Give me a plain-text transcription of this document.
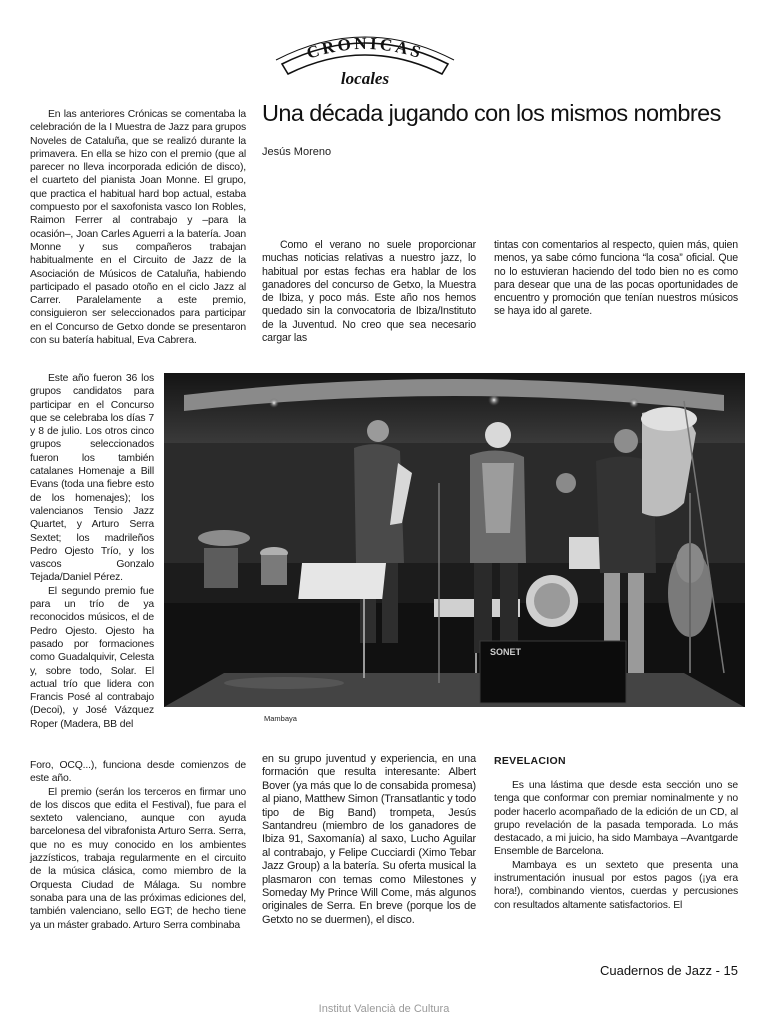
CRONICAS
locales
Una década jugando con los mismos nombres
Jesús Moreno

En las anteriores Crónicas se comentaba la celebración de la I Muestra de Jazz para grupos Noveles de Cataluña, que se realizó durante la primavera. En ella se hizo con el premio (que al parecer no lleva incorporada edición de disco), el cuarteto del pianista Joan Monne. El grupo, que practica el habitual hard bop actual, estaba compuesto por el saxofonista vasco Ion Robles, Raimon Ferrer al contrabajo y –para la ocasión–, Joan Carles Aguerri a la batería. Joan Monne y sus compañeros trabajan habitualmente en el Circuito de Jazz de la Asociación de Músicos de Cataluña, habiendo participado el pasado otoño en el ciclo Jazz al Carrer. Paralelamente a este premio, consiguieron ser seleccionados para participar en el Concurso de Getxo donde se presentaron con su batería habitual, Eva Cabrera.

Este año fueron 36 los grupos candidatos para participar en el Concurso que se celebraba los días 7 y 8 de julio. Los otros cinco grupos seleccionados fueron los también catalanes Homenaje a Bill Evans (toda una fiebre esto de los homenajes); los valencianos Tensio Jazz Quartet, y Arturo Serra Sextet; los madrileños Pedro Ojesto Trío, y los vascos Gonzalo Tejada/Daniel Pérez.

El segundo premio fue para un trío de ya reconocidos músicos, el de Pedro Ojesto. Ojesto ha pasado por formaciones como Guadalquivir, Celesta y, sobre todo, Solar. El actual trío que lidera con Francis Posé al contrabajo (Decoi), y José Vázquez Roper (Madera, BB del

Foro, OCQ...), funciona desde comienzos de este año.

El premio (serán los terceros en firmar uno de los discos que edita el Festival), fue para el sexteto valenciano, aunque con ayuda barcelonesa del vibrafonista Arturo Serra. Serra, que no es muy conocido en los ambientes jazzísticos, trabaja regularmente en el circuito de la música clásica, como miembro de la Orquesta Ciudad de Málaga. Su nombre sonaba para una de las próximas ediciones del, también valenciano, sello EGT; de hecho tiene ya un máster grabado. Arturo Serra combinaba

Como el verano no suele proporcionar muchas noticias relativas a nuestro jazz, lo habitual por estas fechas era hablar de los ganadores del concurso de Getxo, la Muestra de Ibiza, y poco más. Este año nos hemos quedado sin la convocatoria de Ibiza/Instituto de la Juventud. No creo que sea necesario cargar las

tintas con comentarios al respecto, quien más, quien menos, ya sabe cómo funciona “la cosa” oficial. Que no lo estuvieran haciendo del todo bien no es como para desear que una de las pocas oportunidades de encuentro y promoción que tenían nuestros músicos se haya ido al garete.

SONET
Mambaya

en su grupo juventud y experiencia, en una formación que resulta interesante: Albert Bover (ya más que lo de consabida promesa) al piano, Matthew Simon (Transatlantic y todo tipo de Big Band) trompeta, Jesús Santandreu (miembro de los ganadores de Ibiza 91, Saxomanía) al saxo, Lucho Aguilar al contrabajo, y Felipe Cucciardi (Ximo Tebar Jazz Group) a la batería. Su oferta musical la plasmaron con temas como Milestones y Someday My Prince Will Come, más algunos originales de Serra. En breve (porque los de Getxto no se duermen), el disco.

REVELACION

Es una lástima que desde esta sección uno se tenga que conformar con premiar nominalmente y no poder hacerlo acompañado de la edición de un CD, al grupo revelación de la pasada temporada. Lo más destacado, a mi juicio, ha sido Mambaya –Avantgarde Ensemble de Barcelona.

Mambaya es un sexteto que presenta una instrumentación inusual por estos pagos (¡ya era hora!), combinando vientos, cuerdas y percusiones con resultados altamente satisfactorios. El

Cuadernos de Jazz - 15
Institut Valencià de Cultura
